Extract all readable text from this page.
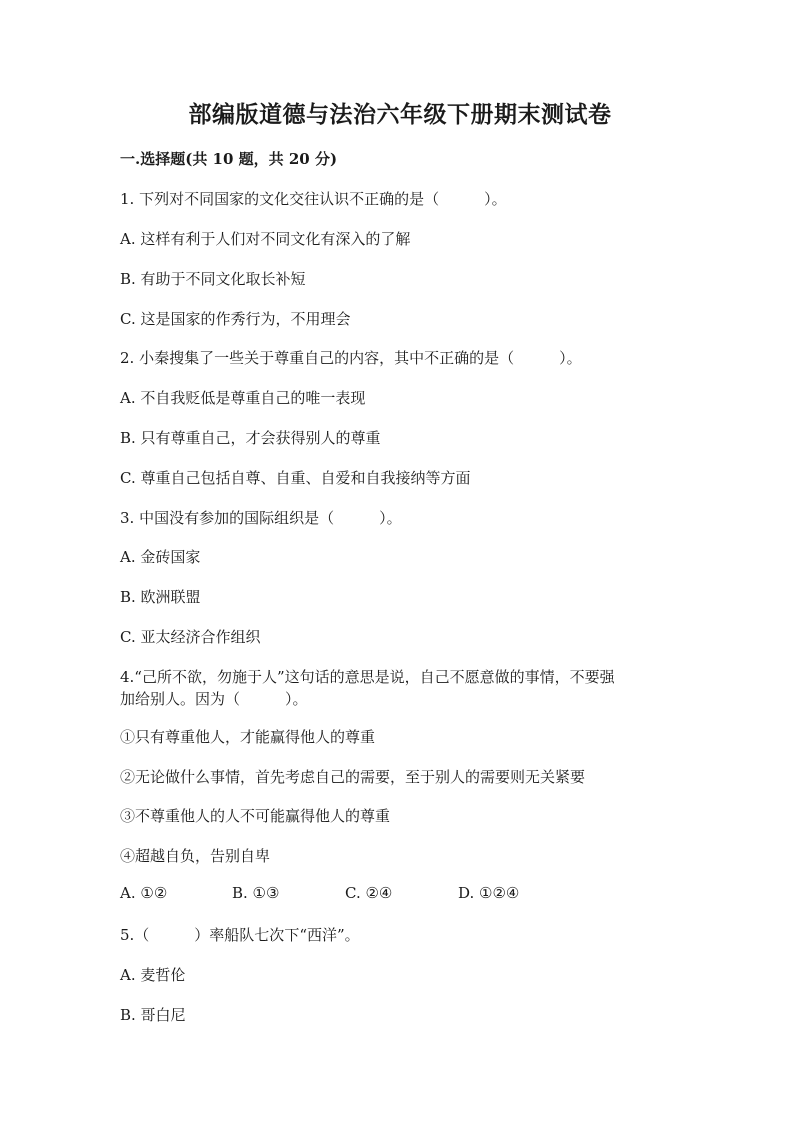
部编版道德与法治六年级下册期末测试卷
一.选择题(共 10 题，共 20 分)
1. 下列对不同国家的文化交往认识不正确的是（　　　）。
A. 这样有利于人们对不同文化有深入的了解
B. 有助于不同文化取长补短
C. 这是国家的作秀行为，不用理会
2. 小秦搜集了一些关于尊重自己的内容，其中不正确的是（　　　）。
A. 不自我贬低是尊重自己的唯一表现
B. 只有尊重自己，才会获得别人的尊重
C. 尊重自己包括自尊、自重、自爱和自我接纳等方面
3. 中国没有参加的国际组织是（　　　）。
A. 金砖国家
B. 欧洲联盟
C. 亚太经济合作组织
4.“己所不欲，勿施于人”这句话的意思是说，自己不愿意做的事情，不要强
加给别人。因为（　　　）。
①只有尊重他人，才能赢得他人的尊重
②无论做什么事情，首先考虑自己的需要，至于别人的需要则无关紧要
③不尊重他人的人不可能赢得他人的尊重
④超越自负，告别自卑
A. ①②	B. ①③	C. ②④	D. ①②④
5.（　　　）率船队七次下“西洋”。
A. 麦哲伦
B. 哥白尼
